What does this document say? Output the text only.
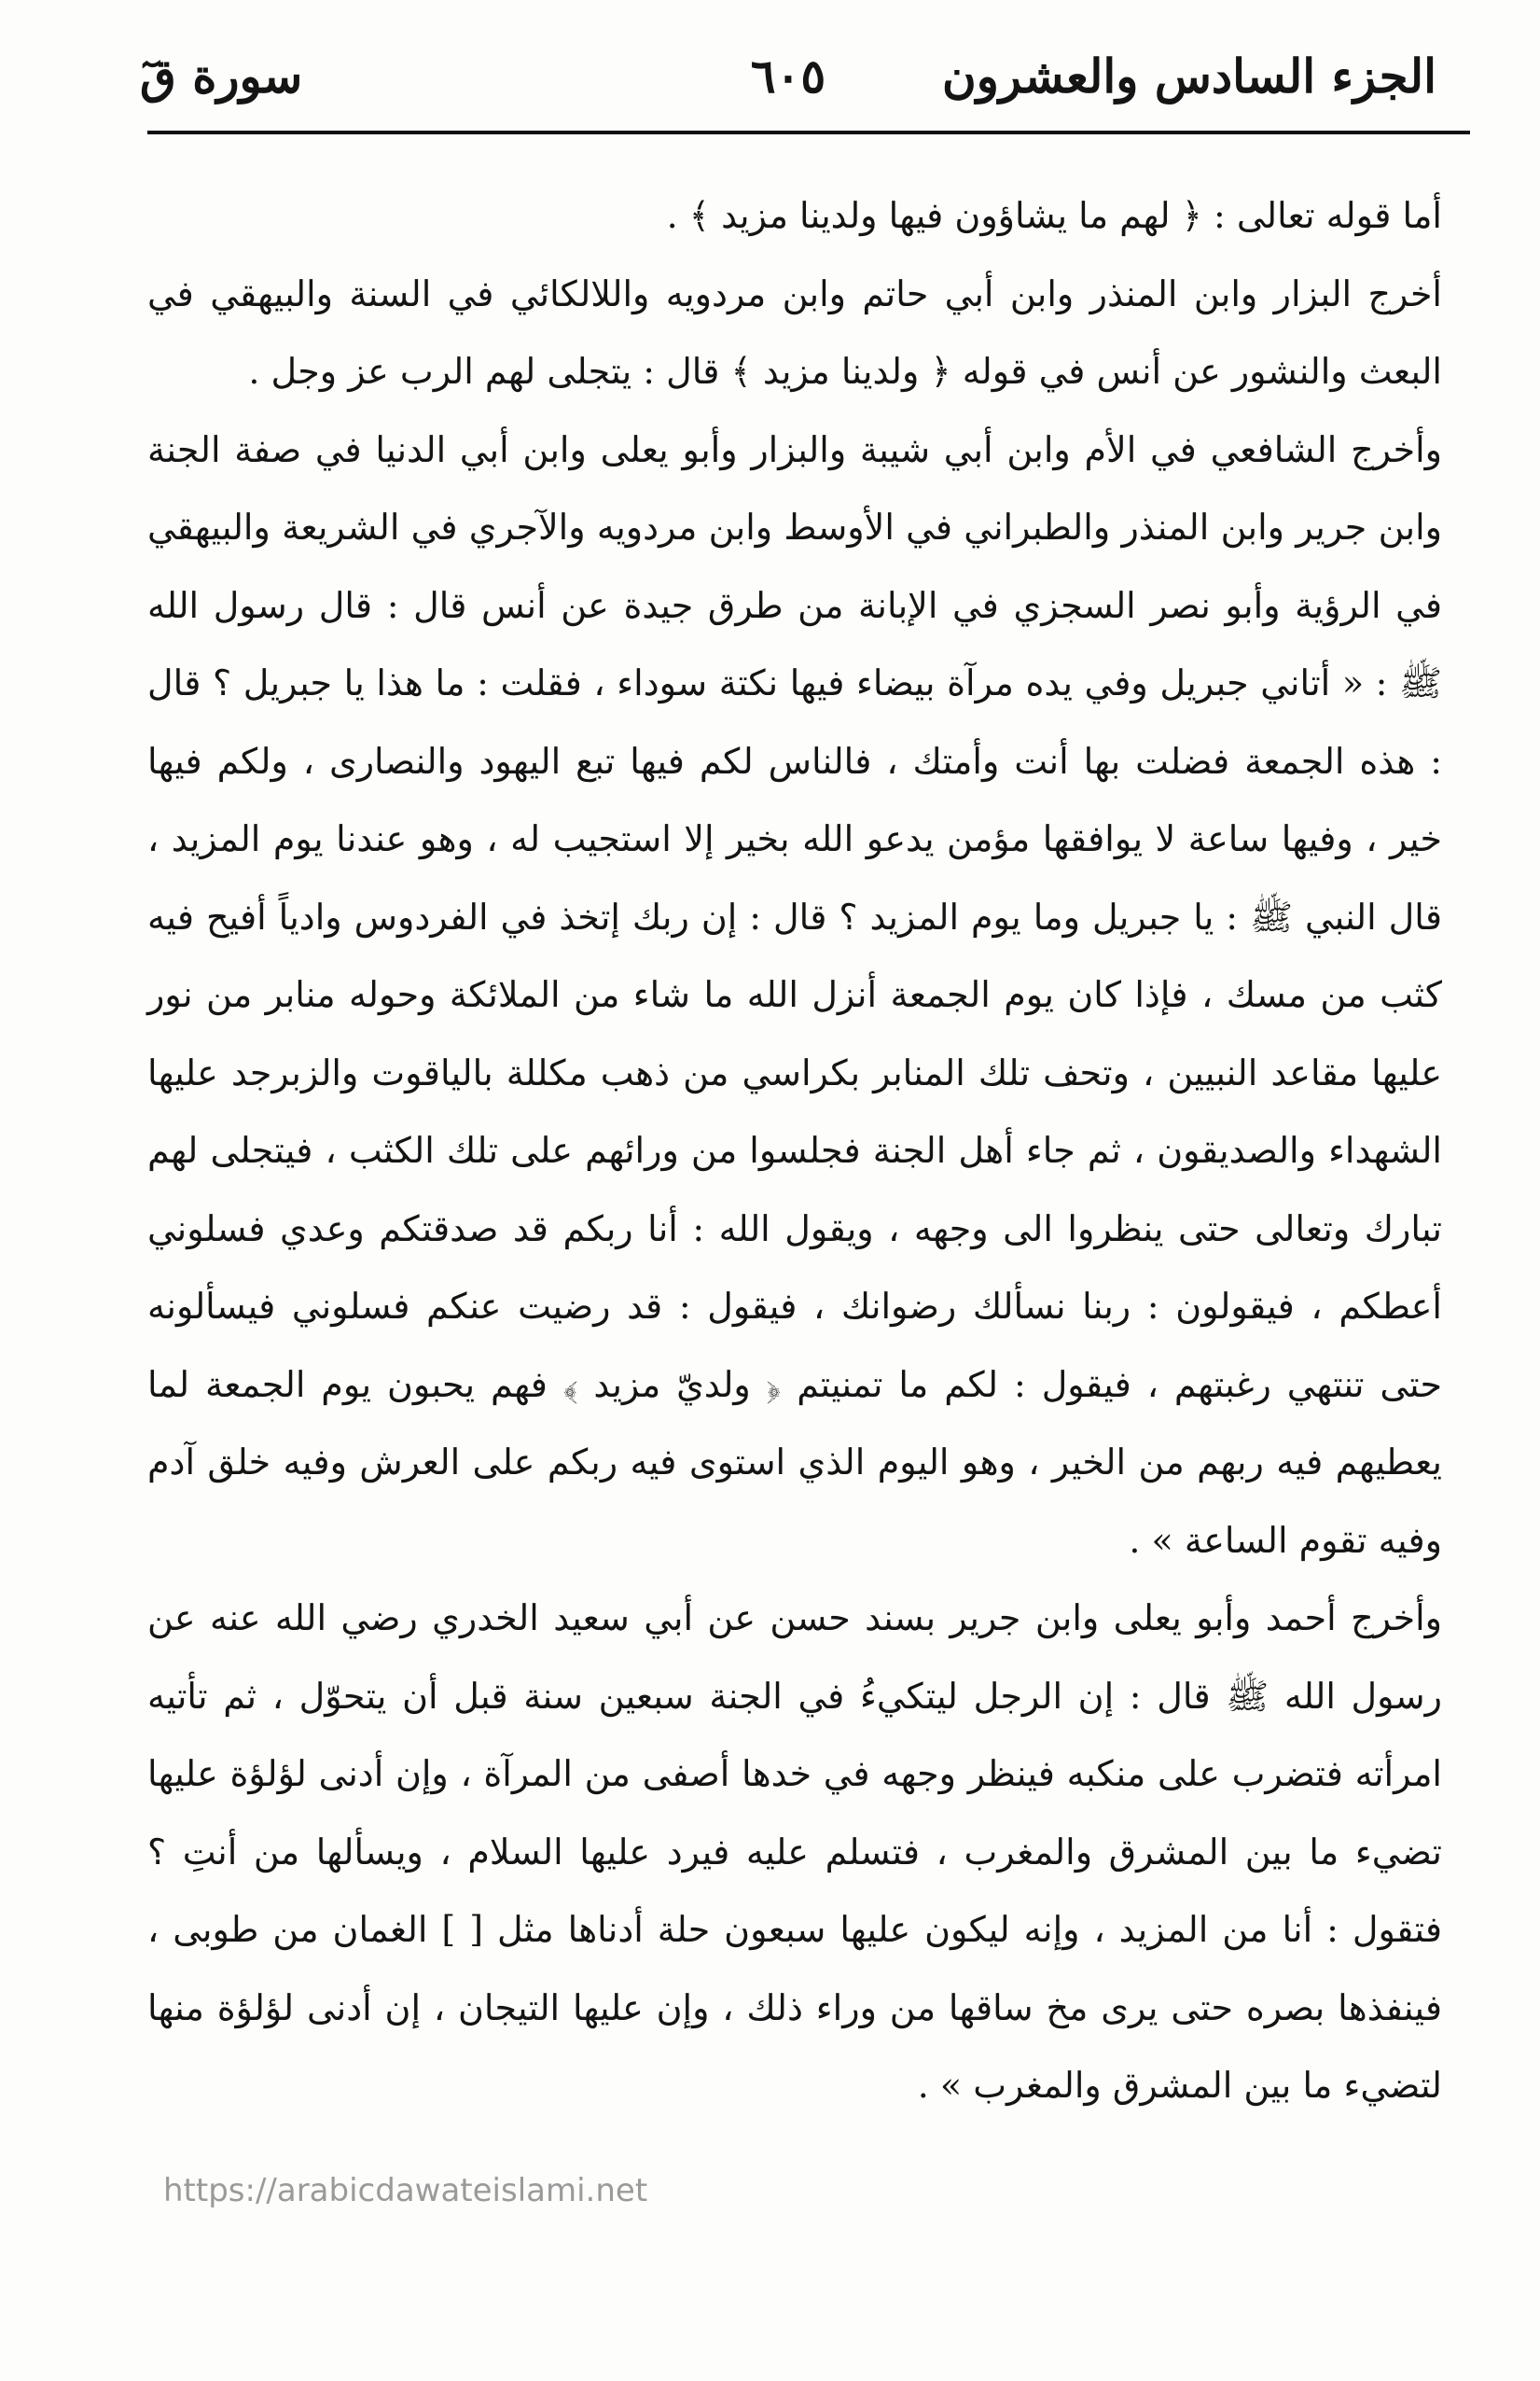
الجزء السادس والعشرون
٦٠٥
سورة قٓ

أما قوله تعالى : ﴿ لهم ما يشاؤون فيها ولدينا مزيد ﴾ .

أخرج البزار وابن المنذر وابن أبي حاتم وابن مردويه واللالكائي في السنة والبيهقي في البعث والنشور عن أنس في قوله ﴿ ولدينا مزيد ﴾ قال : يتجلى لهم الرب عز وجل .

وأخرج الشافعي في الأم وابن أبي شيبة والبزار وأبو يعلى وابن أبي الدنيا في صفة الجنة وابن جرير وابن المنذر والطبراني في الأوسط وابن مردويه والآجري في الشريعة والبيهقي في الرؤية وأبو نصر السجزي في الإبانة من طرق جيدة عن أنس قال : قال رسول الله ﷺ : « أتاني جبريل وفي يده مرآة بيضاء فيها نكتة سوداء ، فقلت : ما هذا يا جبريل ؟ قال : هذه الجمعة فضلت بها أنت وأمتك ، فالناس لكم فيها تبع اليهود والنصارى ، ولكم فيها خير ، وفيها ساعة لا يوافقها مؤمن يدعو الله بخير إلا استجيب له ، وهو عندنا يوم المزيد ، قال النبي ﷺ : يا جبريل وما يوم المزيد ؟ قال : إن ربك إتخذ في الفردوس وادياً أفيح فيه كثب من مسك ، فإذا كان يوم الجمعة أنزل الله ما شاء من الملائكة وحوله منابر من نور عليها مقاعد النبيين ، وتحف تلك المنابر بكراسي من ذهب مكللة بالياقوت والزبرجد عليها الشهداء والصديقون ، ثم جاء أهل الجنة فجلسوا من ورائهم على تلك الكثب ، فيتجلى لهم تبارك وتعالى حتى ينظروا الى وجهه ، ويقول الله : أنا ربكم قد صدقتكم وعدي فسلوني أعطكم ، فيقولون : ربنا نسألك رضوانك ، فيقول : قد رضيت عنكم فسلوني فيسألونه حتى تنتهي رغبتهم ، فيقول : لكم ما تمنيتم ﴿ ولديّ مزيد ﴾ فهم يحبون يوم الجمعة لما يعطيهم فيه ربهم من الخير ، وهو اليوم الذي استوى فيه ربكم على العرش وفيه خلق آدم وفيه تقوم الساعة » .

وأخرج أحمد وأبو يعلى وابن جرير بسند حسن عن أبي سعيد الخدري رضي الله عنه عن رسول الله ﷺ قال : إن الرجل ليتكيءُ في الجنة سبعين سنة قبل أن يتحوّل ، ثم تأتيه امرأته فتضرب على منكبه فينظر وجهه في خدها أصفى من المرآة ، وإن أدنى لؤلؤة عليها تضيء ما بين المشرق والمغرب ، فتسلم عليه فيرد عليها السلام ، ويسألها من أنتِ ؟ فتقول : أنا من المزيد ، وإنه ليكون عليها سبعون حلة أدناها مثل [ ] الغمان من طوبى ، فينفذها بصره حتى يرى مخ ساقها من وراء ذلك ، وإن عليها التيجان ، إن أدنى لؤلؤة منها لتضيء ما بين المشرق والمغرب » .

https://arabicdawateislami.net
